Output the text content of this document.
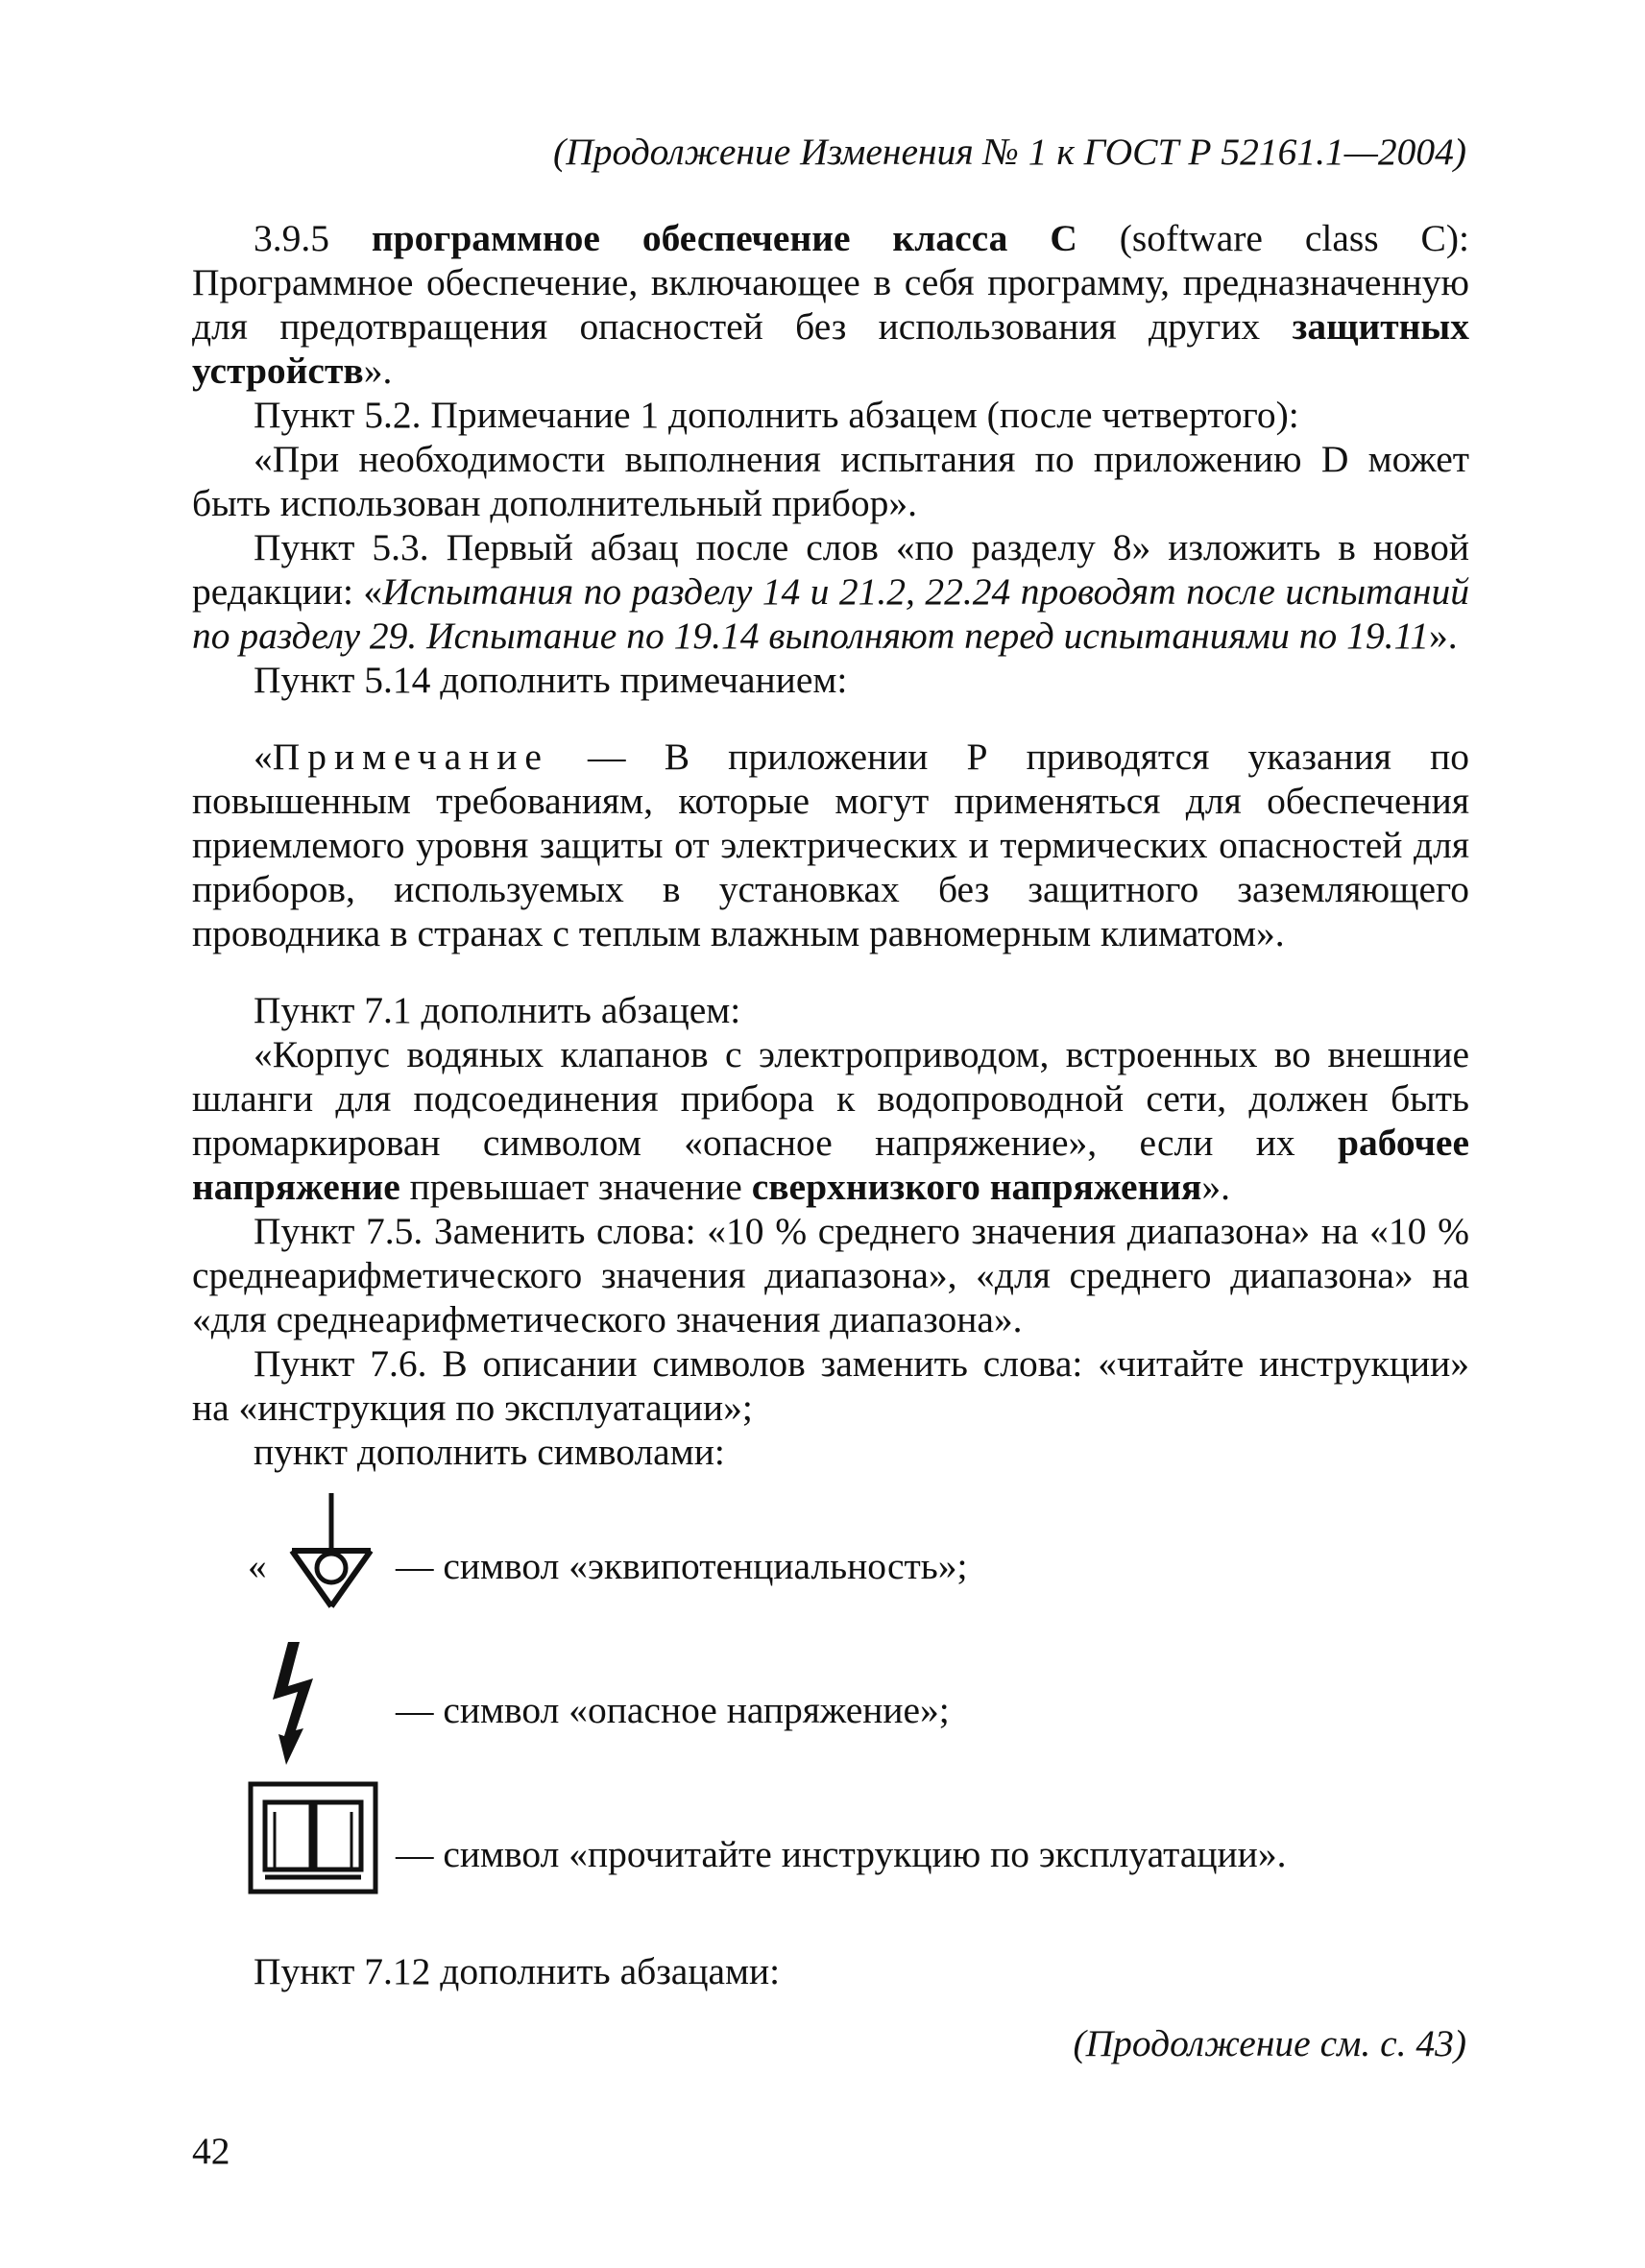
(Продолжение Изменения № 1 к ГОСТ Р 52161.1—2004)

3.9.5 программное обеспечение класса С (software class C): Программное обеспечение, включающее в себя программу, предназначенную для предотвращения опасностей без использования других защитных устройств».

Пункт 5.2. Примечание 1 дополнить абзацем (после четвертого):

«При необходимости выполнения испытания по приложению D может быть использован дополнительный прибор».

Пункт 5.3. Первый абзац после слов «по разделу 8» изложить в новой редакции: «Испытания по разделу 14 и 21.2, 22.24 проводят после испытаний по разделу 29. Испытание по 19.14 выполняют перед испытаниями по 19.11».

Пункт 5.14 дополнить примечанием:

«Примечание — В приложении Р приводятся указания по повышенным требованиям, которые могут применяться для обеспечения приемлемого уровня защиты от электрических и термических опасностей для приборов, используемых в установках без защитного заземляющего проводника в странах с теплым влажным равномерным климатом».

Пункт 7.1 дополнить абзацем:

«Корпус водяных клапанов с электроприводом, встроенных во внешние шланги для подсоединения прибора к водопроводной сети, должен быть промаркирован символом «опасное напряжение», если их рабочее напряжение превышает значение сверхнизкого напряжения».

Пункт 7.5. Заменить слова: «10 % среднего значения диапазона» на «10 % среднеарифметического значения диапазона», «для среднего диапазона» на «для среднеарифметического значения диапазона».

Пункт 7.6. В описании символов заменить слова: «читайте инструкции» на «инструкция по эксплуатации»;

пункт дополнить символами:

«	— символ «эквипотенциальность»;
— символ «опасное напряжение»;
— символ «прочитайте инструкцию по эксплуатации».

Пункт 7.12 дополнить абзацами:

(Продолжение см. с. 43)
42
